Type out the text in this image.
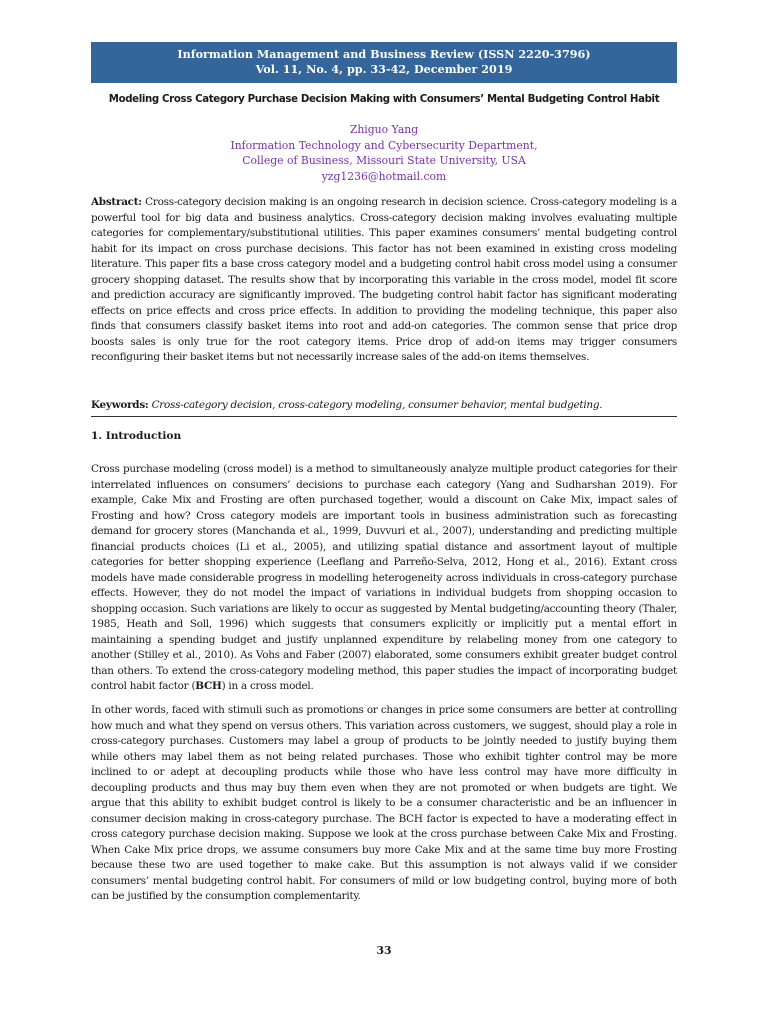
Information Management and Business Review (ISSN 2220-3796)
Vol. 11, No. 4, pp. 33-42, December 2019
Modeling Cross Category Purchase Decision Making with Consumers’ Mental Budgeting Control Habit
Zhiguo Yang
Information Technology and Cybersecurity Department,
College of Business, Missouri State University, USA
yzg1236@hotmail.com
Abstract: Cross-category decision making is an ongoing research in decision science. Cross-category modeling is a powerful tool for big data and business analytics. Cross-category decision making involves evaluating multiple categories for complementary/substitutional utilities. This paper examines consumers’ mental budgeting control habit for its impact on cross purchase decisions. This factor has not been examined in existing cross modeling literature. This paper fits a base cross category model and a budgeting control habit cross model using a consumer grocery shopping dataset. The results show that by incorporating this variable in the cross model, model fit score and prediction accuracy are significantly improved. The budgeting control habit factor has significant moderating effects on price effects and cross price effects. In addition to providing the modeling technique, this paper also finds that consumers classify basket items into root and add-on categories. The common sense that price drop boosts sales is only true for the root category items. Price drop of add-on items may trigger consumers reconfiguring their basket items but not necessarily increase sales of the add-on items themselves.
Keywords: Cross-category decision, cross-category modeling, consumer behavior, mental budgeting.
1. Introduction
Cross purchase modeling (cross model) is a method to simultaneously analyze multiple product categories for their interrelated influences on consumers’ decisions to purchase each category (Yang and Sudharshan 2019). For example, Cake Mix and Frosting are often purchased together, would a discount on Cake Mix, impact sales of Frosting and how? Cross category models are important tools in business administration such as forecasting demand for grocery stores (Manchanda et al., 1999, Duvvuri et al., 2007), understanding and predicting multiple financial products choices (Li et al., 2005), and utilizing spatial distance and assortment layout of multiple categories for better shopping experience (Leeflang and Parreño-Selva, 2012, Hong et al., 2016). Extant cross models have made considerable progress in modelling heterogeneity across individuals in cross-category purchase effects. However, they do not model the impact of variations in individual budgets from shopping occasion to shopping occasion. Such variations are likely to occur as suggested by Mental budgeting/accounting theory (Thaler, 1985, Heath and Soll, 1996) which suggests that consumers explicitly or implicitly put a mental effort in maintaining a spending budget and justify unplanned expenditure by relabeling money from one category to another (Stilley et al., 2010). As Vohs and Faber (2007) elaborated, some consumers exhibit greater budget control than others. To extend the cross-category modeling method, this paper studies the impact of incorporating budget control habit factor (BCH) in a cross model.
In other words, faced with stimuli such as promotions or changes in price some consumers are better at controlling how much and what they spend on versus others. This variation across customers, we suggest, should play a role in cross-category purchases. Customers may label a group of products to be jointly needed to justify buying them while others may label them as not being related purchases. Those who exhibit tighter control may be more inclined to or adept at decoupling products while those who have less control may have more difficulty in decoupling products and thus may buy them even when they are not promoted or when budgets are tight. We argue that this ability to exhibit budget control is likely to be a consumer characteristic and be an influencer in consumer decision making in cross-category purchase. The BCH factor is expected to have a moderating effect in cross category purchase decision making. Suppose we look at the cross purchase between Cake Mix and Frosting. When Cake Mix price drops, we assume consumers buy more Cake Mix and at the same time buy more Frosting because these two are used together to make cake. But this assumption is not always valid if we consider consumers’ mental budgeting control habit. For consumers of mild or low budgeting control, buying more of both can be justified by the consumption complementarity.
33
